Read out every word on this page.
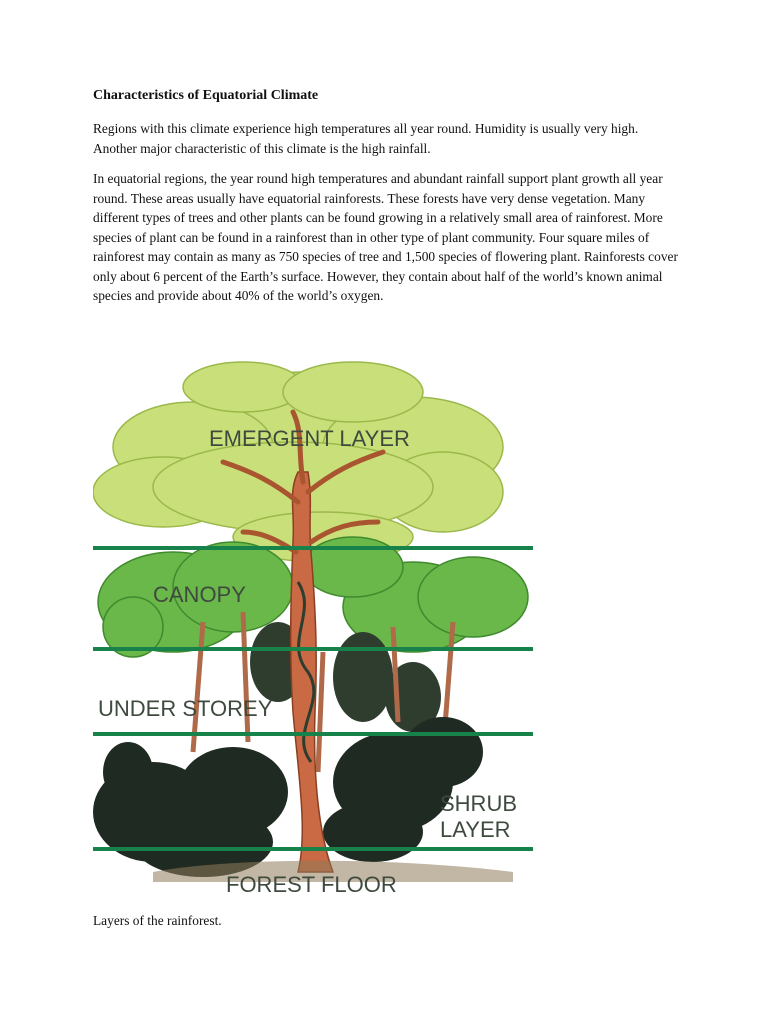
Characteristics of Equatorial Climate

Regions with this climate experience high temperatures all year round. Humidity is usually very high. Another major characteristic of this climate is the high rainfall.

In equatorial regions, the year round high temperatures and abundant rainfall support plant growth all year round. These areas usually have equatorial rainforests. These forests have very dense vegetation. Many different types of trees and other plants can be found growing in a relatively small area of rainforest. More species of plant can be found in a rainforest than in other type of plant community. Four square miles of rainforest may contain as many as 750 species of tree and 1,500 species of flowering plant. Rainforests cover only about 6 percent of the Earth’s surface. However, they contain about half of the world’s known animal species and provide about 40% of the world’s oxygen.

EMERGENT LAYER
CANOPY
UNDER STOREY
SHRUB
LAYER
FOREST FLOOR
Layers of the rainforest.
